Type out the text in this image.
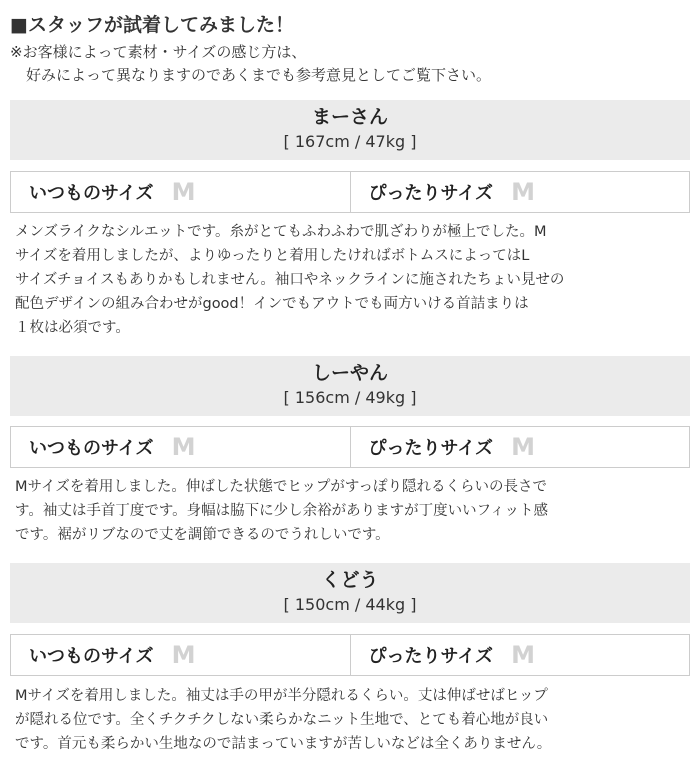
■スタッフが試着してみました！
※お客様によって素材・サイズの感じ方は、
好みによって異なりますのであくまでも参考意見としてご覧下さい。
まーさん
[ 167cm / 47kg ]
いつものサイズ M	ぴったりサイズ M
メンズライクなシルエットです。糸がとてもふわふわで肌ざわりが極上でした。M
サイズを着用しましたが、よりゆったりと着用したければボトムスによってはL
サイズチョイスもありかもしれません。袖口やネックラインに施されたちょい見せの
配色デザインの組み合わせがgood！インでもアウトでも両方いける首詰まりは
１枚は必須です。
しーやん
[ 156cm / 49kg ]
いつものサイズ M	ぴったりサイズ M
Mサイズを着用しました。伸ばした状態でヒップがすっぽり隠れるくらいの長さで
す。袖丈は手首丁度です。身幅は脇下に少し余裕がありますが丁度いいフィット感
です。裾がリブなので丈を調節できるのでうれしいです。
くどう
[ 150cm / 44kg ]
いつものサイズ M	ぴったりサイズ M
Mサイズを着用しました。袖丈は手の甲が半分隠れるくらい。丈は伸ばせばヒップ
が隠れる位です。全くチクチクしない柔らかなニット生地で、とても着心地が良い
です。首元も柔らかい生地なので詰まっていますが苦しいなどは全くありません。
